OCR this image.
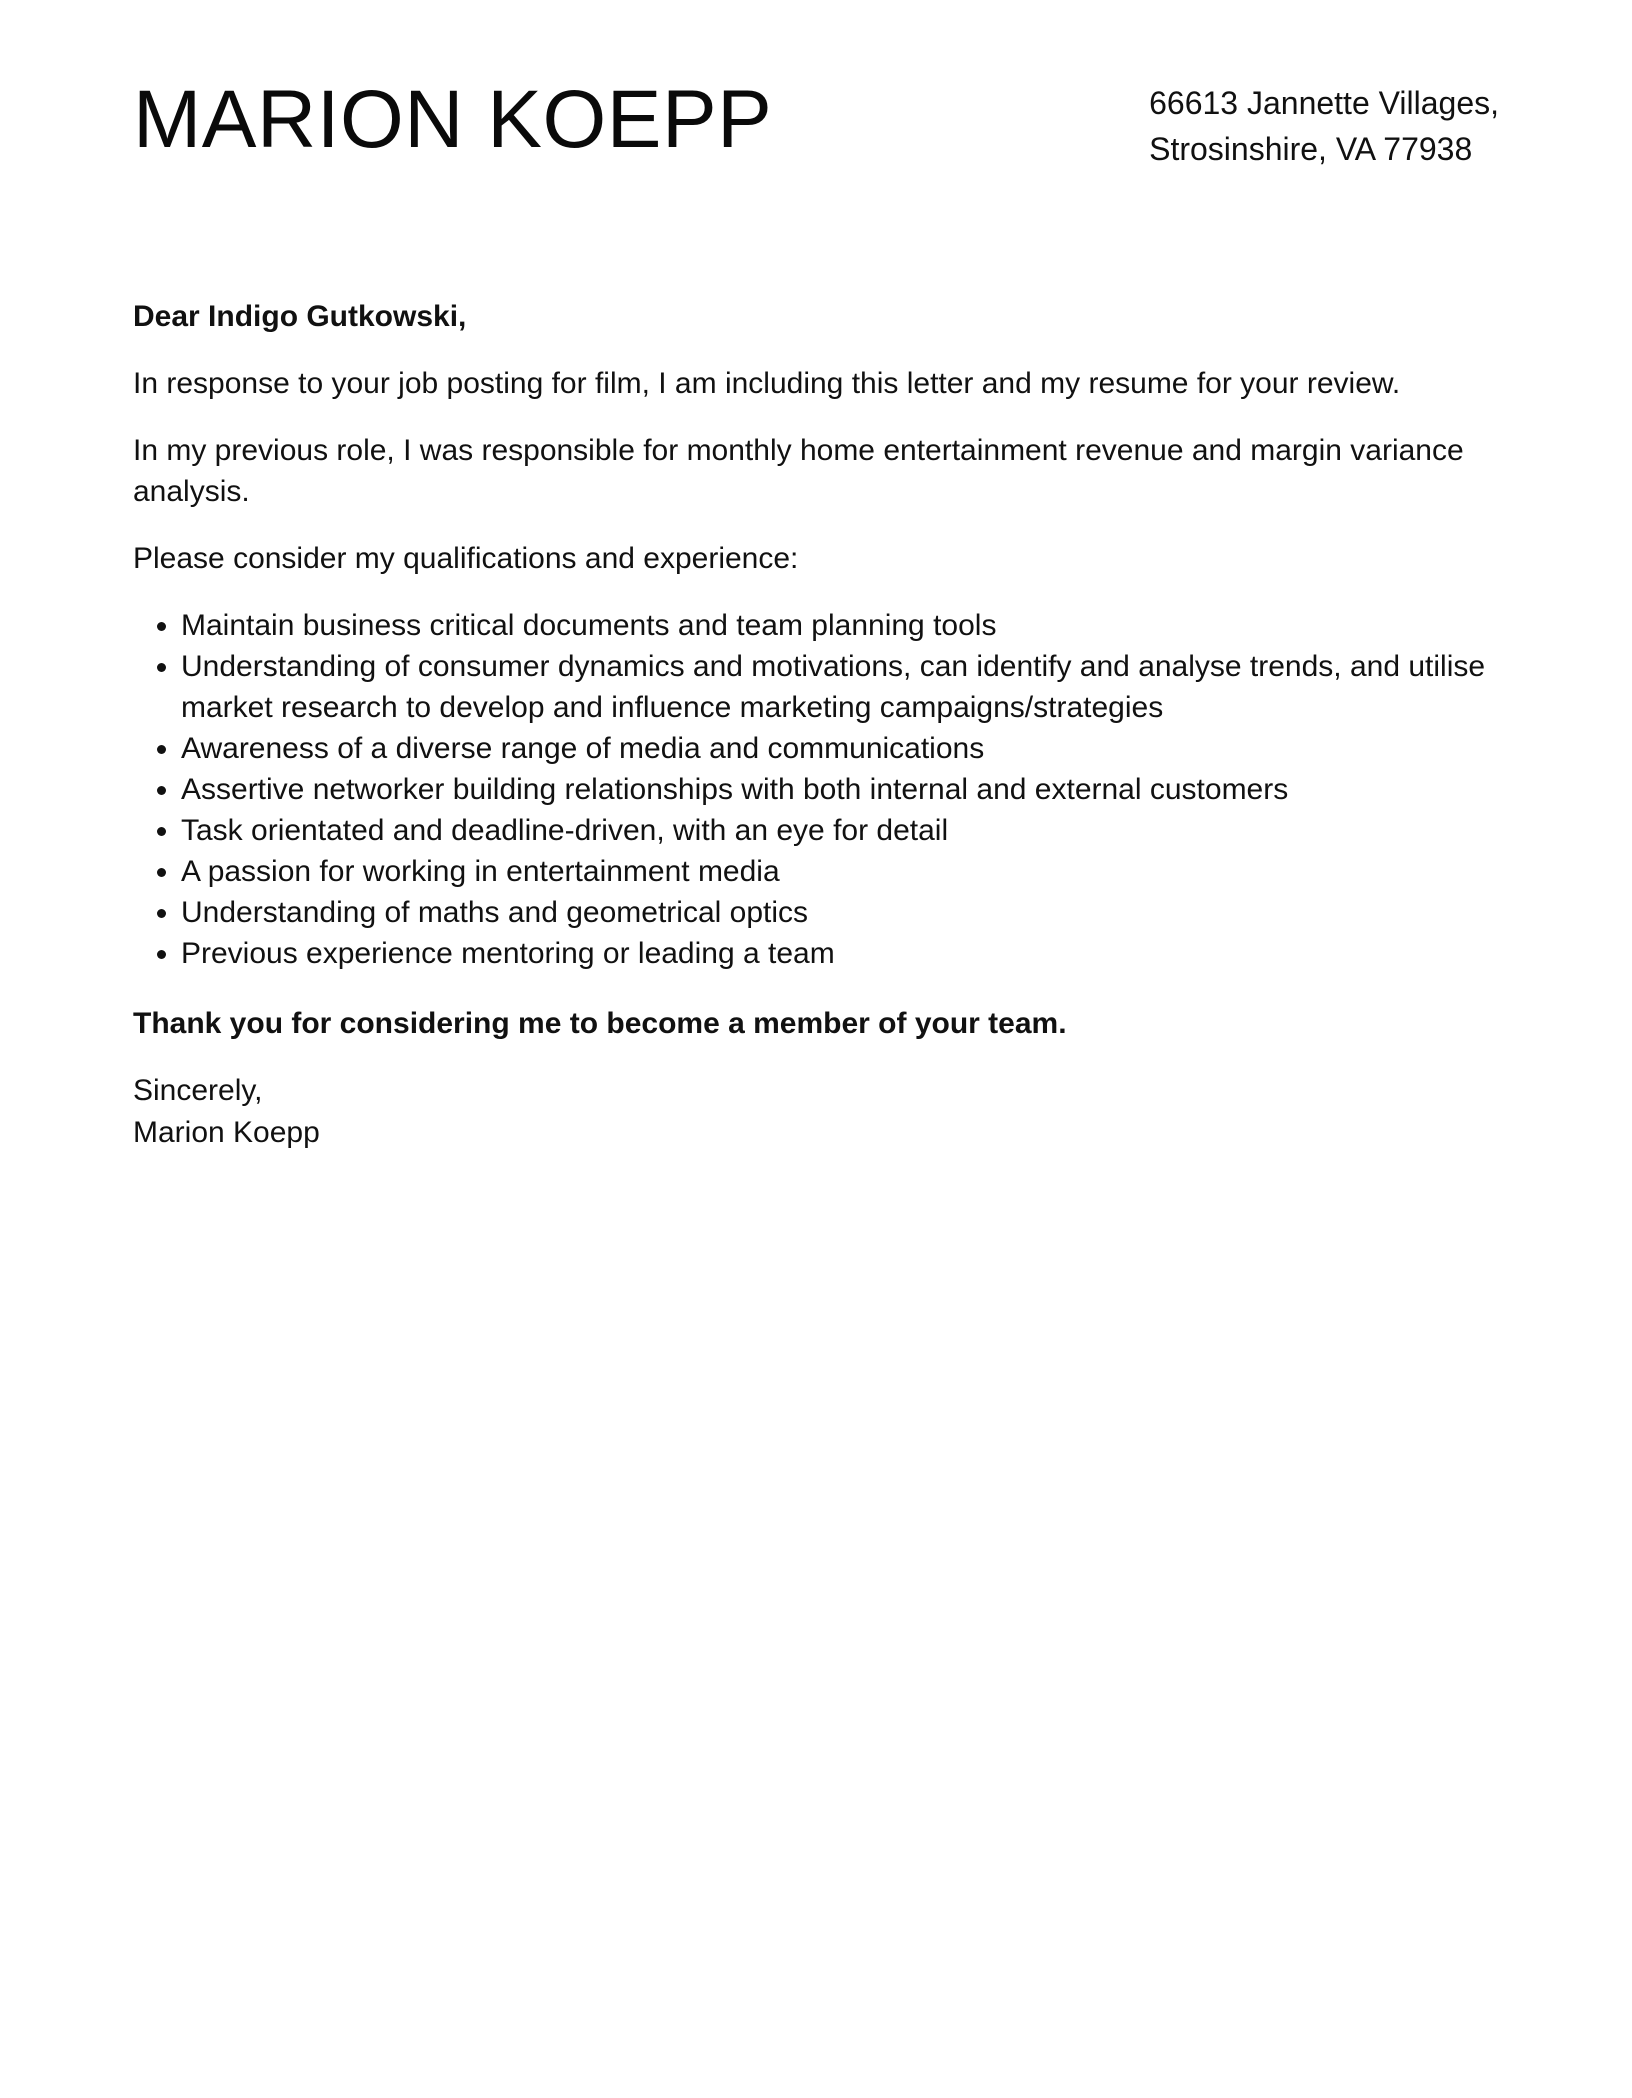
MARION KOEPP	66613 Jannette Villages,
Strosinshire, VA 77938

Dear Indigo Gutkowski,

In response to your job posting for film, I am including this letter and my resume for your review.

In my previous role, I was responsible for monthly home entertainment revenue and margin variance analysis.

Please consider my qualifications and experience:

• Maintain business critical documents and team planning tools
• Understanding of consumer dynamics and motivations, can identify and analyse trends, and utilise market research to develop and influence marketing campaigns/strategies
• Awareness of a diverse range of media and communications
• Assertive networker building relationships with both internal and external customers
• Task orientated and deadline-driven, with an eye for detail
• A passion for working in entertainment media
• Understanding of maths and geometrical optics
• Previous experience mentoring or leading a team

Thank you for considering me to become a member of your team.

Sincerely,
Marion Koepp
